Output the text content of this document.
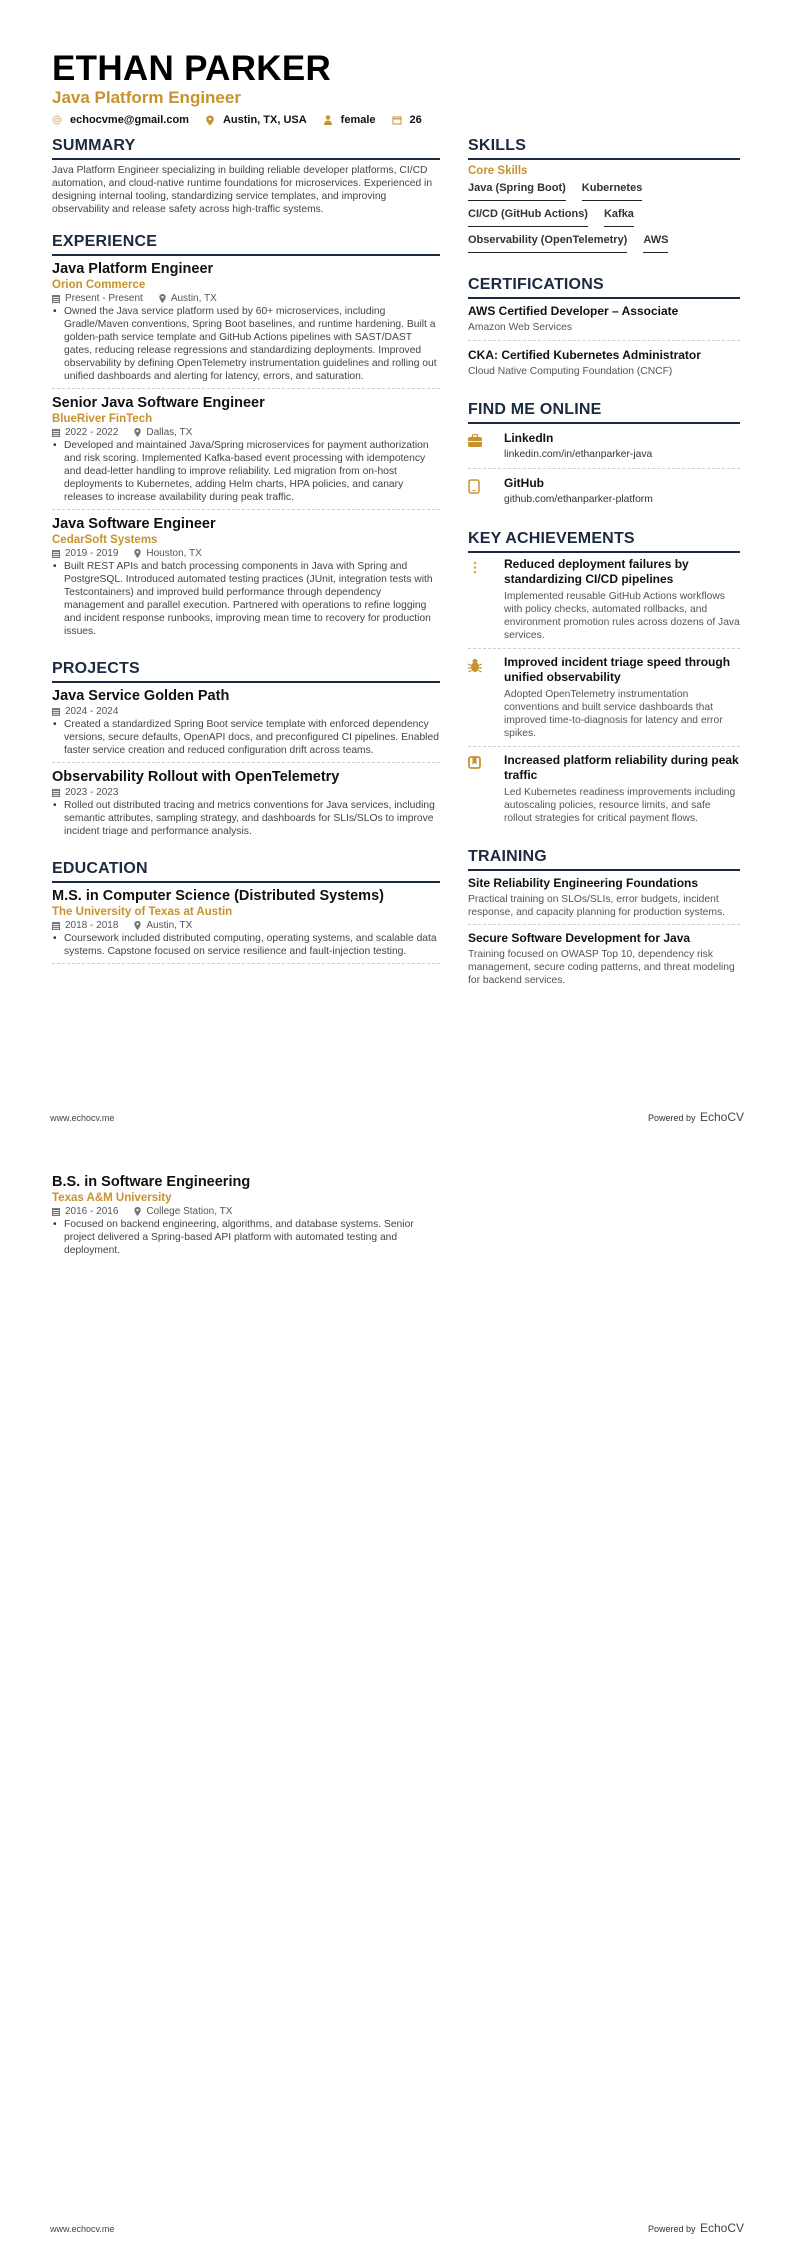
ETHAN PARKER
Java Platform Engineer
echocvme@gmail.com	Austin, TX, USA	female	26
SUMMARY
Java Platform Engineer specializing in building reliable developer platforms, CI/CD automation, and cloud-native runtime foundations for microservices. Experienced in designing internal tooling, standardizing service templates, and improving observability and release safety across high-traffic systems.
EXPERIENCE
Java Platform Engineer
Orion Commerce
Present - Present	Austin, TX
• Owned the Java service platform used by 60+ microservices, including Gradle/Maven conventions, Spring Boot baselines, and runtime hardening. Built a golden-path service template and GitHub Actions pipelines with SAST/DAST gates, reducing release regressions and standardizing deployments. Improved observability by defining OpenTelemetry instrumentation guidelines and rolling out unified dashboards and alerting for latency, errors, and saturation.
Senior Java Software Engineer
BlueRiver FinTech
2022 - 2022	Dallas, TX
• Developed and maintained Java/Spring microservices for payment authorization and risk scoring. Implemented Kafka-based event processing with idempotency and dead-letter handling to improve reliability. Led migration from on-host deployments to Kubernetes, adding Helm charts, HPA policies, and canary releases to increase availability during peak traffic.
Java Software Engineer
CedarSoft Systems
2019 - 2019	Houston, TX
• Built REST APIs and batch processing components in Java with Spring and PostgreSQL. Introduced automated testing practices (JUnit, integration tests with Testcontainers) and improved build performance through dependency management and parallel execution. Partnered with operations to refine logging and incident response runbooks, improving mean time to recovery for production issues.
PROJECTS
Java Service Golden Path
2024 - 2024
• Created a standardized Spring Boot service template with enforced dependency versions, secure defaults, OpenAPI docs, and preconfigured CI pipelines. Enabled faster service creation and reduced configuration drift across teams.
Observability Rollout with OpenTelemetry
2023 - 2023
• Rolled out distributed tracing and metrics conventions for Java services, including semantic attributes, sampling strategy, and dashboards for SLIs/SLOs to improve incident triage and performance analysis.
EDUCATION
M.S. in Computer Science (Distributed Systems)
The University of Texas at Austin
2018 - 2018	Austin, TX
• Coursework included distributed computing, operating systems, and scalable data systems. Capstone focused on service resilience and fault-injection testing.
SKILLS
Core Skills
Java (Spring Boot) Kubernetes
CI/CD (GitHub Actions) Kafka
Observability (OpenTelemetry) AWS
CERTIFICATIONS
AWS Certified Developer – Associate
Amazon Web Services
CKA: Certified Kubernetes Administrator
Cloud Native Computing Foundation (CNCF)
FIND ME ONLINE
LinkedIn
linkedin.com/in/ethanparker-java
GitHub
github.com/ethanparker-platform
KEY ACHIEVEMENTS
Reduced deployment failures by standardizing CI/CD pipelines
Implemented reusable GitHub Actions workflows with policy checks, automated rollbacks, and environment promotion rules across dozens of Java services.
Improved incident triage speed through unified observability
Adopted OpenTelemetry instrumentation conventions and built service dashboards that improved time-to-diagnosis for latency and error spikes.
Increased platform reliability during peak traffic
Led Kubernetes readiness improvements including autoscaling policies, resource limits, and safe rollout strategies for critical payment flows.
TRAINING
Site Reliability Engineering Foundations
Practical training on SLOs/SLIs, error budgets, incident response, and capacity planning for production systems.
Secure Software Development for Java
Training focused on OWASP Top 10, dependency risk management, secure coding patterns, and threat modeling for backend services.
www.echocv.me	Powered by EchoCV
B.S. in Software Engineering
Texas A&M University
2016 - 2016	College Station, TX
• Focused on backend engineering, algorithms, and database systems. Senior project delivered a Spring-based API platform with automated testing and deployment.
www.echocv.me	Powered by EchoCV
